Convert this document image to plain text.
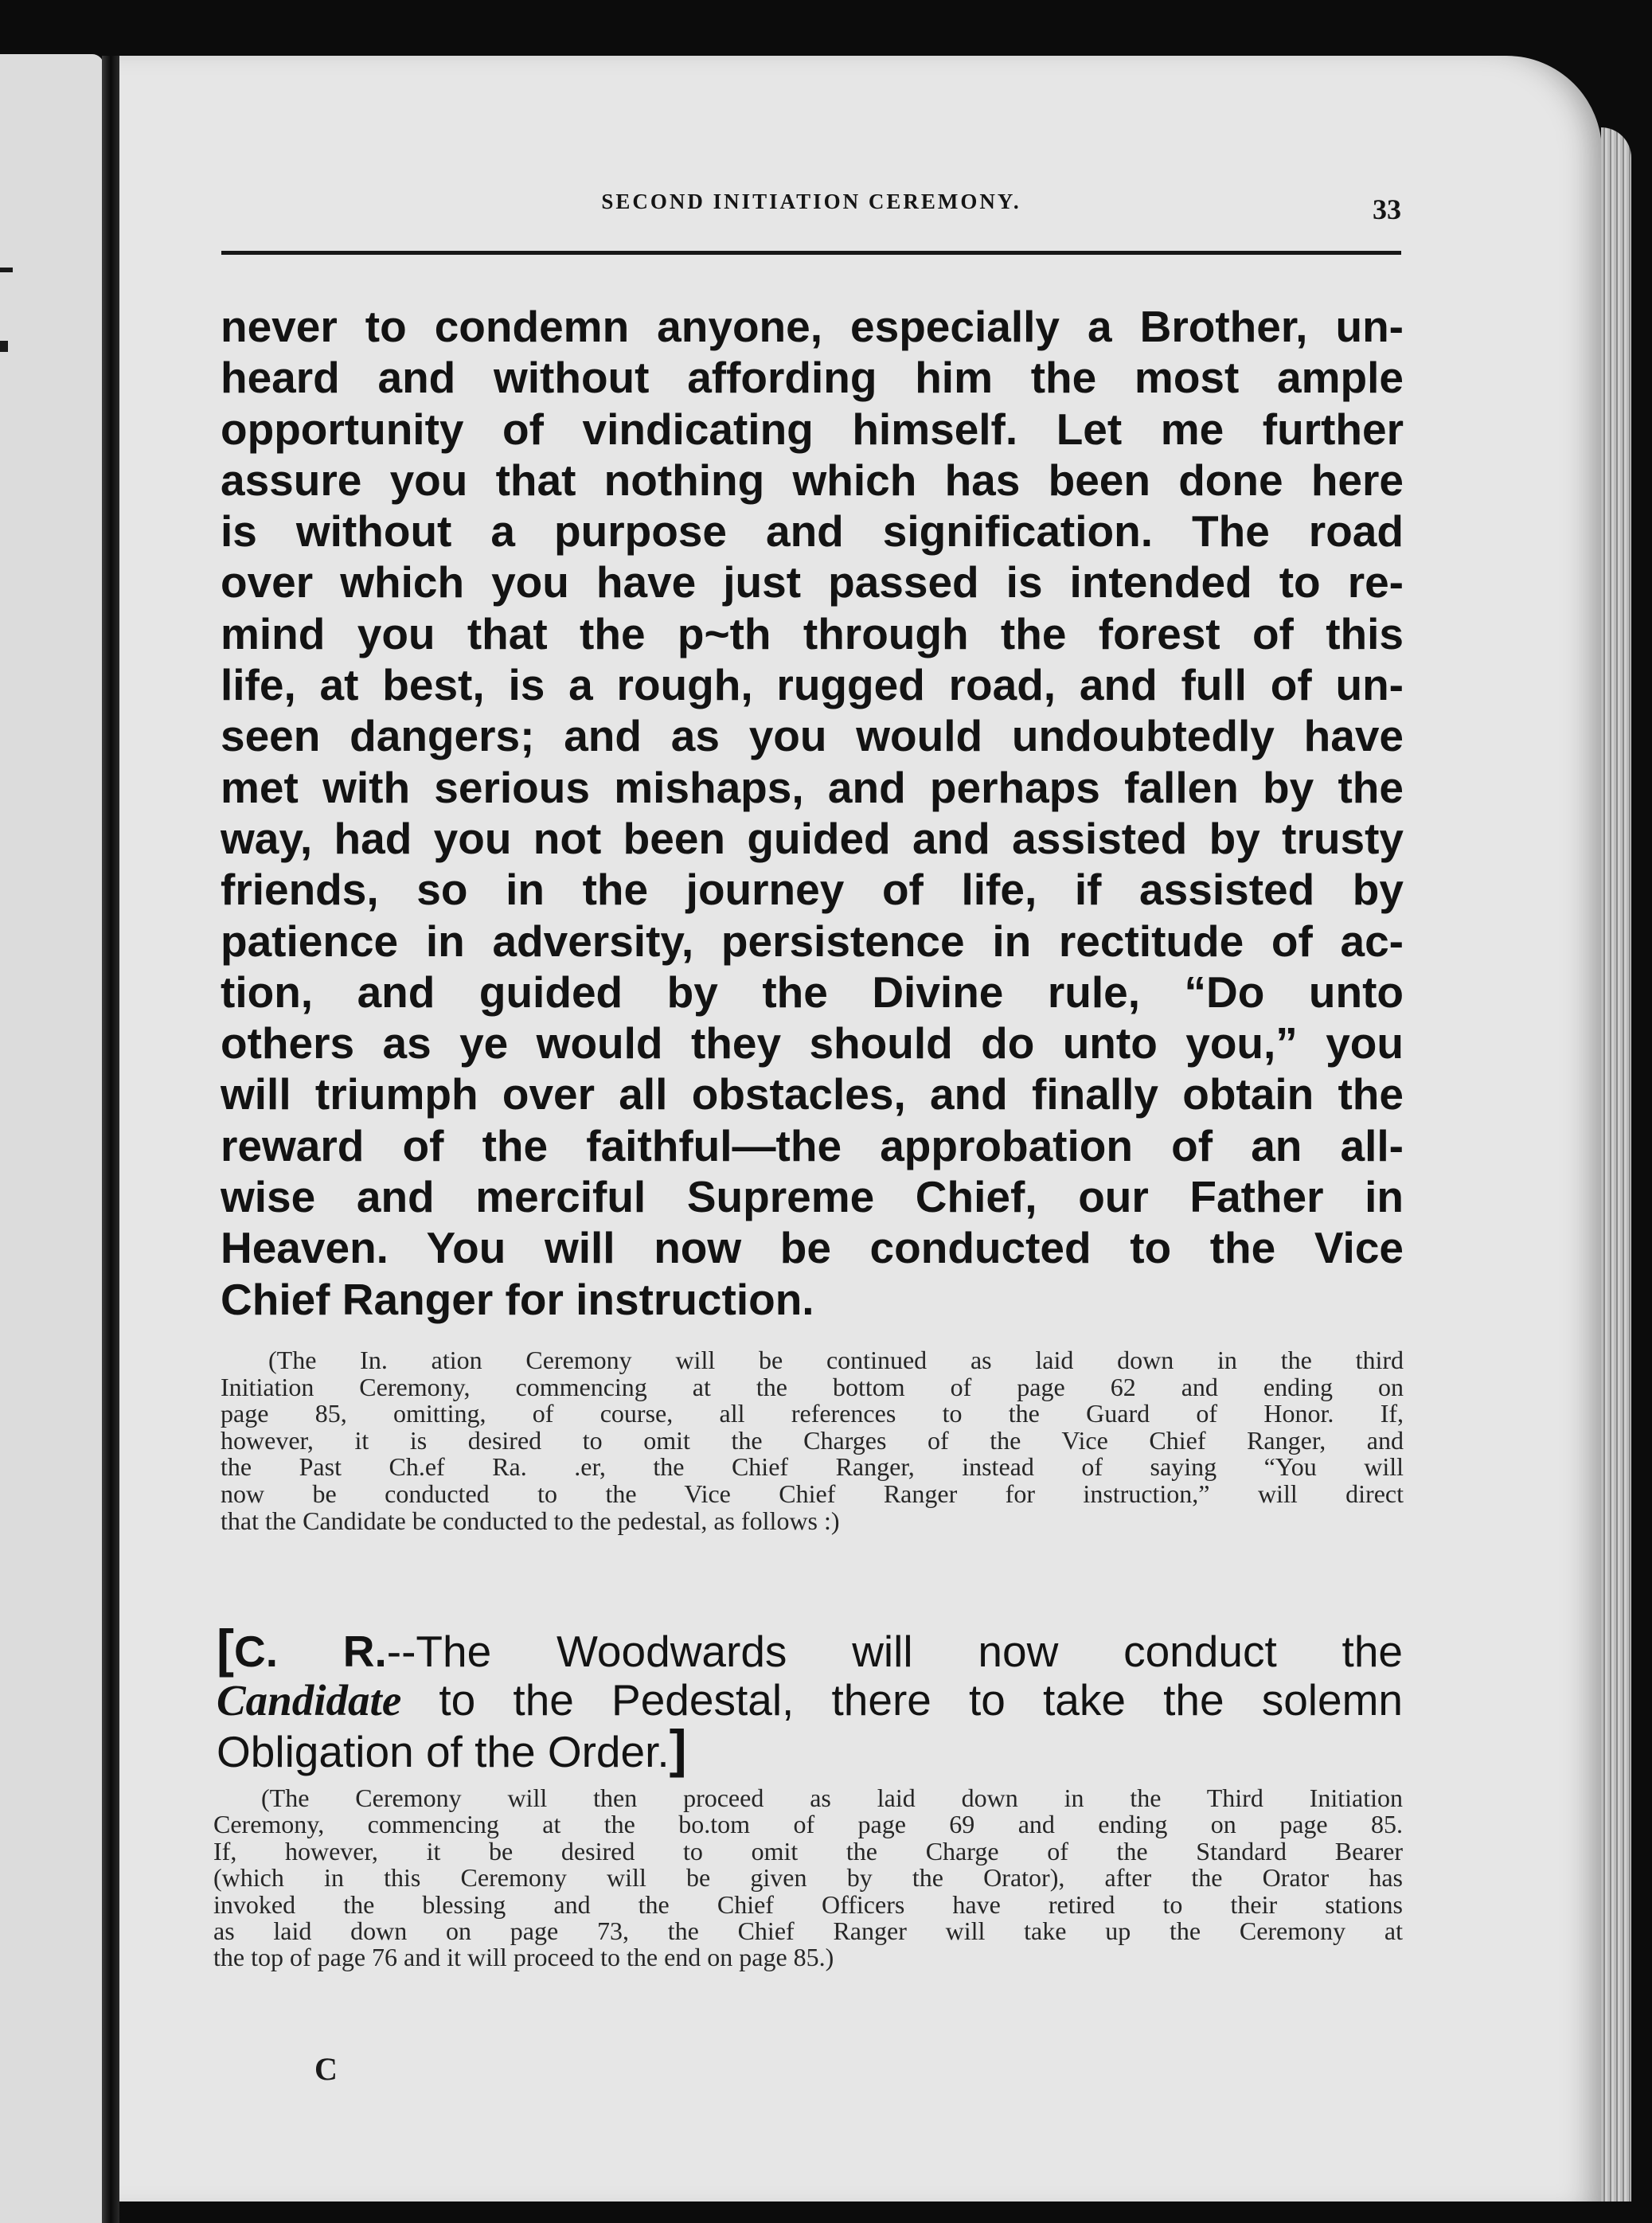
SECOND INITIATION CEREMONY.	33
never to condemn anyone, especially a Brother, un-
heard and without affording him the most ample
opportunity of vindicating himself. Let me further
assure you that nothing which has been done here
is without a purpose and signification. The road
over which you have just passed is intended to re-
mind you that the p~th through the forest of this
life, at best, is a rough, rugged road, and full of un-
seen dangers; and as you would undoubtedly have
met with serious mishaps, and perhaps fallen by the
way, had you not been guided and assisted by trusty
friends, so in the journey of life, if assisted by
patience in adversity, persistence in rectitude of ac-
tion, and guided by the Divine rule, “Do unto
others as ye would they should do unto you,” you
will triumph over all obstacles, and finally obtain the
reward of the faithful—the approbation of an all-
wise and merciful Supreme Chief, our Father in
Heaven. You will now be conducted to the Vice
Chief Ranger for instruction.
(The In. ation Ceremony will be continued as laid down in the third
Initiation Ceremony, commencing at the bottom of page 62 and ending on
page 85, omitting, of course, all references to the Guard of Honor. If,
however, it is desired to omit the Charges of the Vice Chief Ranger, and
the Past Ch.ef Ra. .er, the Chief Ranger, instead of saying “You will
now be conducted to the Vice Chief Ranger for instruction,” will direct
that the Candidate be conducted to the pedestal, as follows :)
[C. R.--The Woodwards will now conduct the
Candidate to the Pedestal, there to take the solemn
Obligation of the Order.]
(The Ceremony will then proceed as laid down in the Third Initiation
Ceremony, commencing at the bo.tom of page 69 and ending on page 85.
If, however, it be desired to omit the Charge of the Standard Bearer
(which in this Ceremony will be given by the Orator), after the Orator has
invoked the blessing and the Chief Officers have retired to their stations
as laid down on page 73, the Chief Ranger will take up the Ceremony at
the top of page 76 and it will proceed to the end on page 85.)
C
